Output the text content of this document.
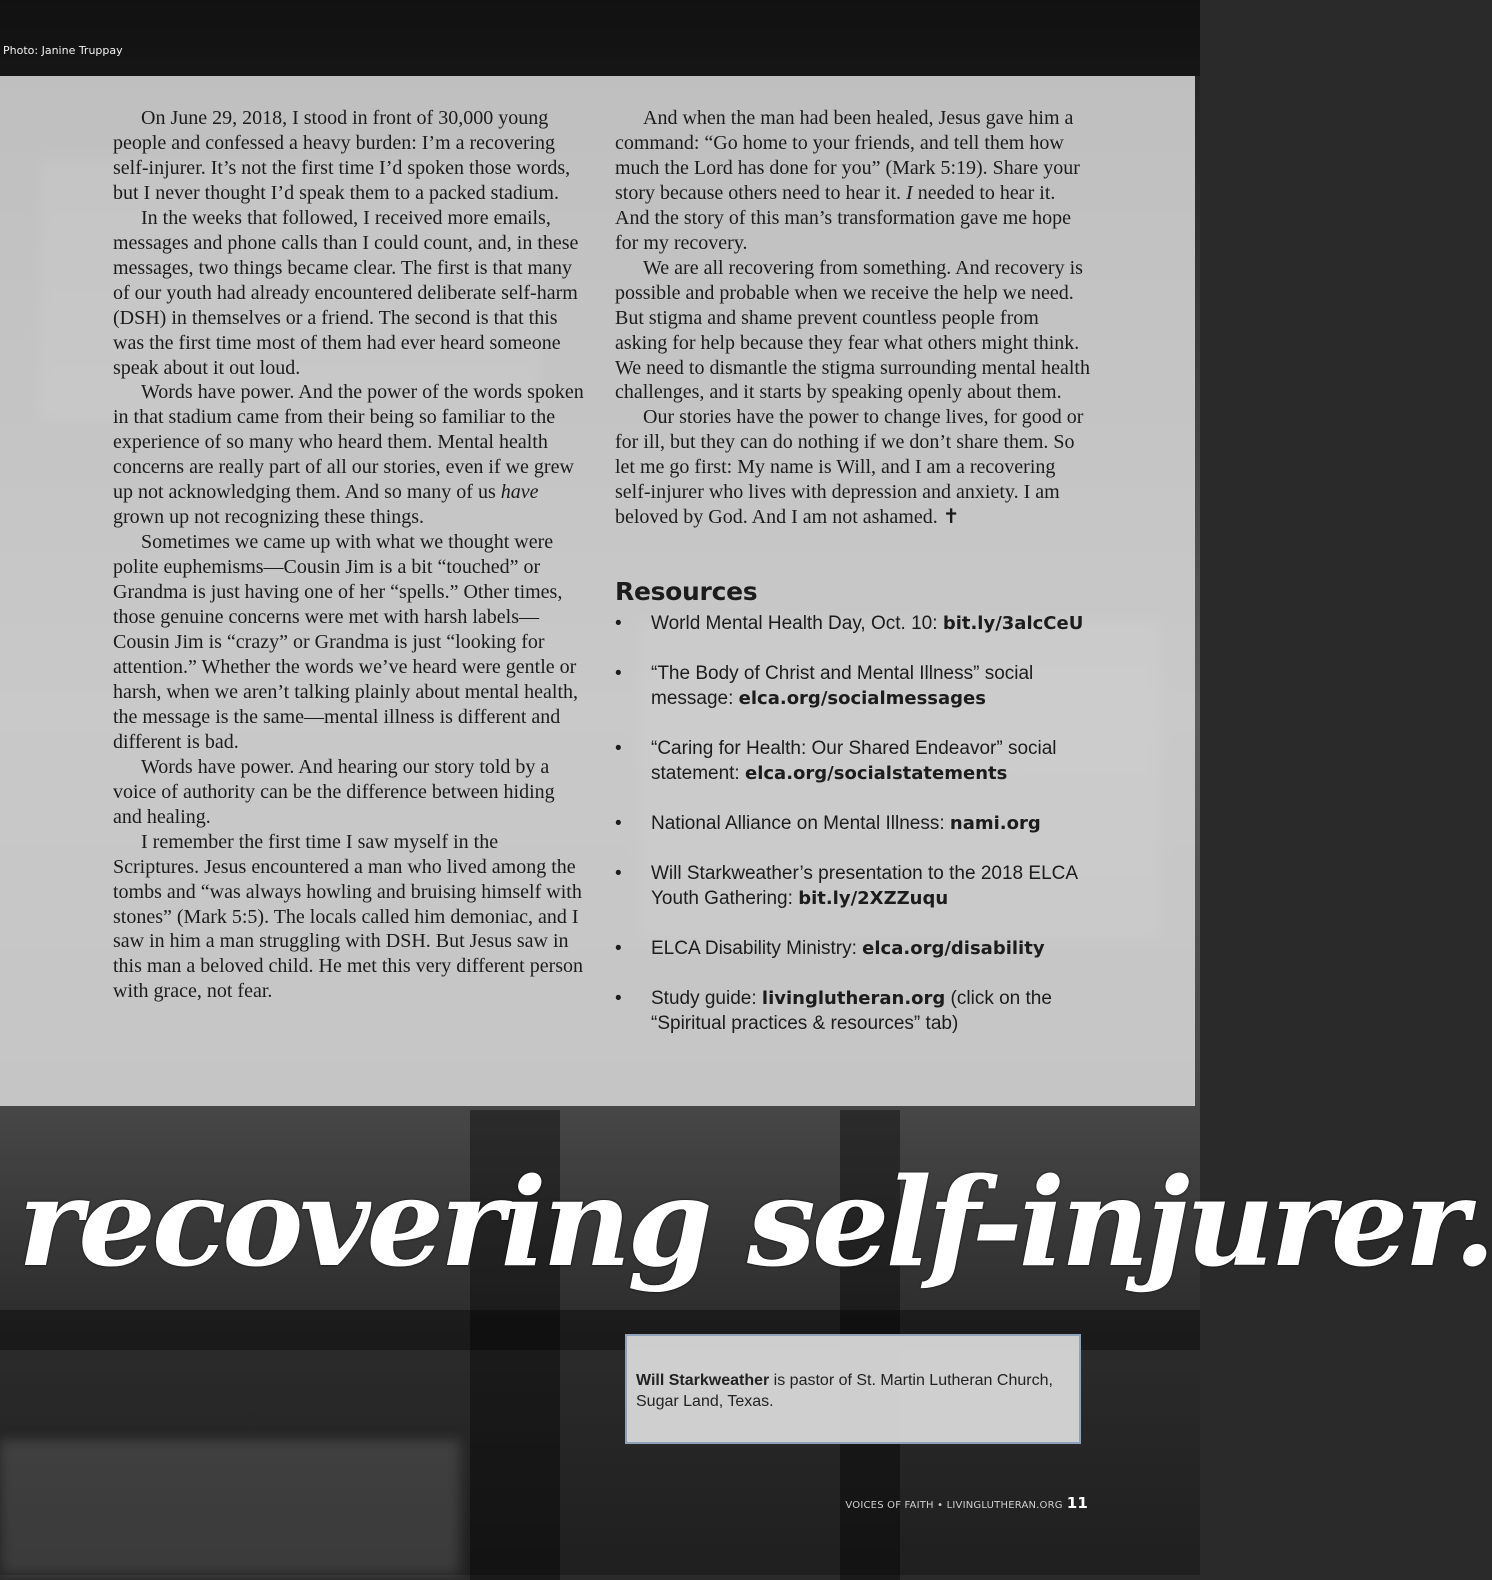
Photo: Janine Truppay

On June 29, 2018, I stood in front of 30,000 young people and confessed a heavy burden: I’m a recovering self-injurer. It’s not the first time I’d spoken those words, but I never thought I’d speak them to a packed stadium.

In the weeks that followed, I received more emails, messages and phone calls than I could count, and, in these messages, two things became clear. The first is that many of our youth had already encountered deliberate self-harm (DSH) in themselves or a friend. The second is that this was the first time most of them had ever heard someone speak about it out loud.

Words have power. And the power of the words spoken in that stadium came from their being so familiar to the experience of so many who heard them. Mental health concerns are really part of all our stories, even if we grew up not acknowledging them. And so many of us have grown up not recognizing these things.

Sometimes we came up with what we thought were polite euphemisms—Cousin Jim is a bit “touched” or Grandma is just having one of her “spells.” Other times, those genuine concerns were met with harsh labels—Cousin Jim is “crazy” or Grandma is just “looking for attention.” Whether the words we’ve heard were gentle or harsh, when we aren’t talking plainly about mental health, the message is the same—mental illness is different and different is bad.

Words have power. And hearing our story told by a voice of authority can be the difference between hiding and healing.

I remember the first time I saw myself in the Scriptures. Jesus encountered a man who lived among the tombs and “was always howling and bruising himself with stones” (Mark 5:5). The locals called him demoniac, and I saw in him a man struggling with DSH. But Jesus saw in this man a beloved child. He met this very different person with grace, not fear.

And when the man had been healed, Jesus gave him a command: “Go home to your friends, and tell them how much the Lord has done for you” (Mark 5:19). Share your story because others need to hear it. I needed to hear it. And the story of this man’s transformation gave me hope for my recovery.

We are all recovering from something. And recovery is possible and probable when we receive the help we need. But stigma and shame prevent countless people from asking for help because they fear what others might think. We need to dismantle the stigma surrounding mental health challenges, and it starts by speaking openly about them.

Our stories have the power to change lives, for good or for ill, but they can do nothing if we don’t share them. So let me go first: My name is Will, and I am a recovering self-injurer who lives with depression and anxiety. I am beloved by God. And I am not ashamed. ✝

Resources
• World Mental Health Day, Oct. 10: bit.ly/3alcCeU
• “The Body of Christ and Mental Illness” social message: elca.org/socialmessages
• “Caring for Health: Our Shared Endeavor” social statement: elca.org/socialstatements
• National Alliance on Mental Illness: nami.org
• Will Starkweather’s presentation to the 2018 ELCA Youth Gathering: bit.ly/2XZZuqu
• ELCA Disability Ministry: elca.org/disability
• Study guide: livinglutheran.org (click on the “Spiritual practices & resources” tab)
recovering self-injurer.
Will Starkweather is pastor of St. Martin Lutheran Church, Sugar Land, Texas.
VOICES OF FAITH • LIVINGLUTHERAN.ORG 11
